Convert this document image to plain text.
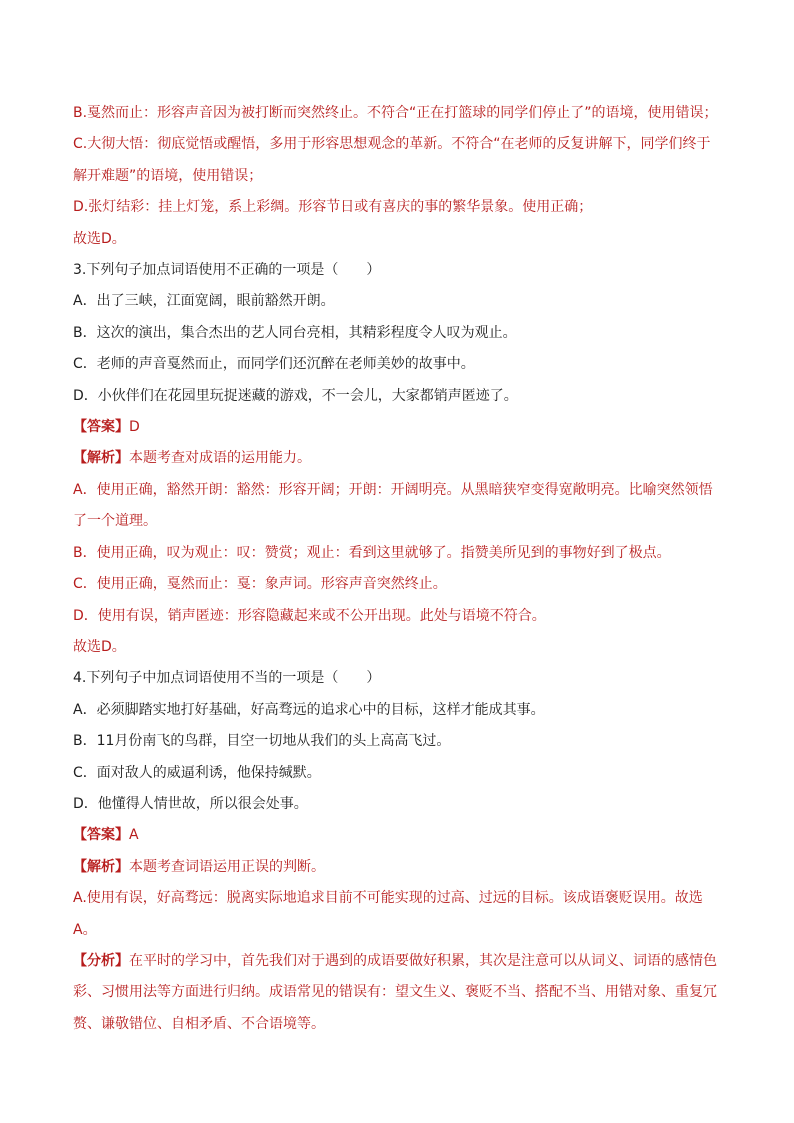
B.戛然而止：形容声音因为被打断而突然终止。不符合“正在打篮球的同学们停止了”的语境，使用错误；

C.大彻大悟：彻底觉悟或醒悟，多用于形容思想观念的革新。不符合“在老师的反复讲解下，同学们终于解开难题”的语境，使用错误；

D.张灯结彩：挂上灯笼，系上彩绸。形容节日或有喜庆的事的繁华景象。使用正确；

故选D。

3.下列句子加点词语使用不正确的一项是（　　）

A．出了三峡，江面宽阔，眼前豁然开朗。

B．这次的演出，集合杰出的艺人同台亮相，其精彩程度令人叹为观止。

C．老师的声音戛然而止，而同学们还沉醉在老师美妙的故事中。

D．小伙伴们在花园里玩捉迷藏的游戏，不一会儿，大家都销声匿迹了。

【答案】D

【解析】本题考查对成语的运用能力。

A．使用正确，豁然开朗：豁然：形容开阔；开朗：开阔明亮。从黑暗狭窄变得宽敞明亮。比喻突然领悟了一个道理。

B．使用正确，叹为观止：叹：赞赏；观止：看到这里就够了。指赞美所见到的事物好到了极点。

C．使用正确，戛然而止：戛：象声词。形容声音突然终止。

D．使用有误，销声匿迹：形容隐藏起来或不公开出现。此处与语境不符合。

故选D。

4.下列句子中加点词语使用不当的一项是（　　）

A．必须脚踏实地打好基础，好高骛远的追求心中的目标，这样才能成其事。

B．11月份南飞的鸟群，目空一切地从我们的头上高高飞过。

C．面对敌人的威逼利诱，他保持缄默。

D．他懂得人情世故，所以很会处事。

【答案】A

【解析】本题考查词语运用正误的判断。

A.使用有误，好高骛远：脱离实际地追求目前不可能实现的过高、过远的目标。该成语褒贬误用。故选A。

【分析】在平时的学习中，首先我们对于遇到的成语要做好积累，其次是注意可以从词义、词语的感情色彩、习惯用法等方面进行归纳。成语常见的错误有：望文生义、褒贬不当、搭配不当、用错对象、重复冗赘、谦敬错位、自相矛盾、不合语境等。
